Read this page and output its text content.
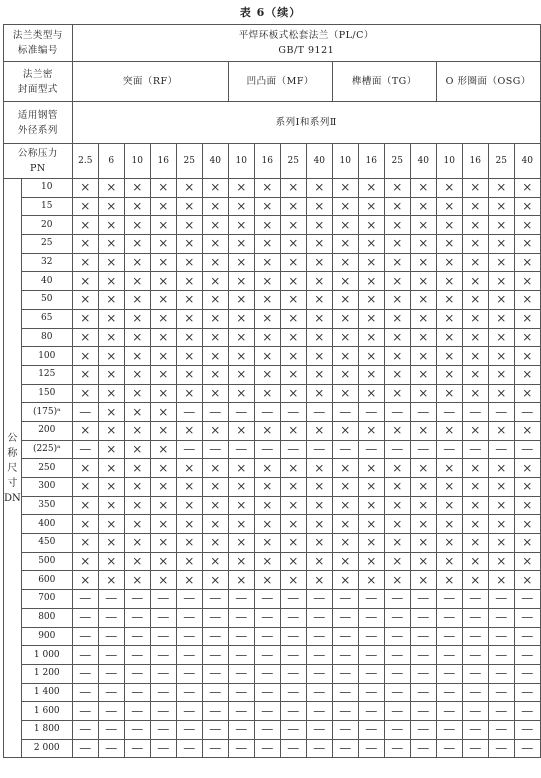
表 6（续）
法兰类型与
标准编号		平焊环板式松套法兰（PL/C）
GB/T 9121																	
法兰密
封面型式		突面（RF）						凹凸面（MF）				榫槽面（TG）				O 形圈面（OSG）			
适用钢管
外径系列		系列Ⅰ和系列Ⅱ																	
公称压力
PN		2.5	6	10	16	25	40	10	16	25	40	10	16	25	40	10	16	25	40
公
称
尺
寸
DN	10	×	×	×	×	×	×	×	×	×	×	×	×	×	×	×	×	×	×
	15	×	×	×	×	×	×	×	×	×	×	×	×	×	×	×	×	×	×
	20	×	×	×	×	×	×	×	×	×	×	×	×	×	×	×	×	×	×
	25	×	×	×	×	×	×	×	×	×	×	×	×	×	×	×	×	×	×
	32	×	×	×	×	×	×	×	×	×	×	×	×	×	×	×	×	×	×
	40	×	×	×	×	×	×	×	×	×	×	×	×	×	×	×	×	×	×
	50	×	×	×	×	×	×	×	×	×	×	×	×	×	×	×	×	×	×
	65	×	×	×	×	×	×	×	×	×	×	×	×	×	×	×	×	×	×
	80	×	×	×	×	×	×	×	×	×	×	×	×	×	×	×	×	×	×
	100	×	×	×	×	×	×	×	×	×	×	×	×	×	×	×	×	×	×
	125	×	×	×	×	×	×	×	×	×	×	×	×	×	×	×	×	×	×
	150	×	×	×	×	×	×	×	×	×	×	×	×	×	×	×	×	×	×
	(175)ᵃ	—	×	×	×	—	—	—	—	—	—	—	—	—	—	—	—	—	—
	200	×	×	×	×	×	×	×	×	×	×	×	×	×	×	×	×	×	×
	(225)ᵃ	—	×	×	×	—	—	—	—	—	—	—	—	—	—	—	—	—	—
	250	×	×	×	×	×	×	×	×	×	×	×	×	×	×	×	×	×	×
	300	×	×	×	×	×	×	×	×	×	×	×	×	×	×	×	×	×	×
	350	×	×	×	×	×	×	×	×	×	×	×	×	×	×	×	×	×	×
	400	×	×	×	×	×	×	×	×	×	×	×	×	×	×	×	×	×	×
	450	×	×	×	×	×	×	×	×	×	×	×	×	×	×	×	×	×	×
	500	×	×	×	×	×	×	×	×	×	×	×	×	×	×	×	×	×	×
	600	×	×	×	×	×	×	×	×	×	×	×	×	×	×	×	×	×	×
	700	—	—	—	—	—	—	—	—	—	—	—	—	—	—	—	—	—	—
	800	—	—	—	—	—	—	—	—	—	—	—	—	—	—	—	—	—	—
	900	—	—	—	—	—	—	—	—	—	—	—	—	—	—	—	—	—	—
	1 000	—	—	—	—	—	—	—	—	—	—	—	—	—	—	—	—	—	—
	1 200	—	—	—	—	—	—	—	—	—	—	—	—	—	—	—	—	—	—
	1 400	—	—	—	—	—	—	—	—	—	—	—	—	—	—	—	—	—	—
	1 600	—	—	—	—	—	—	—	—	—	—	—	—	—	—	—	—	—	—
	1 800	—	—	—	—	—	—	—	—	—	—	—	—	—	—	—	—	—	—
	2 000	—	—	—	—	—	—	—	—	—	—	—	—	—	—	—	—	—	—
